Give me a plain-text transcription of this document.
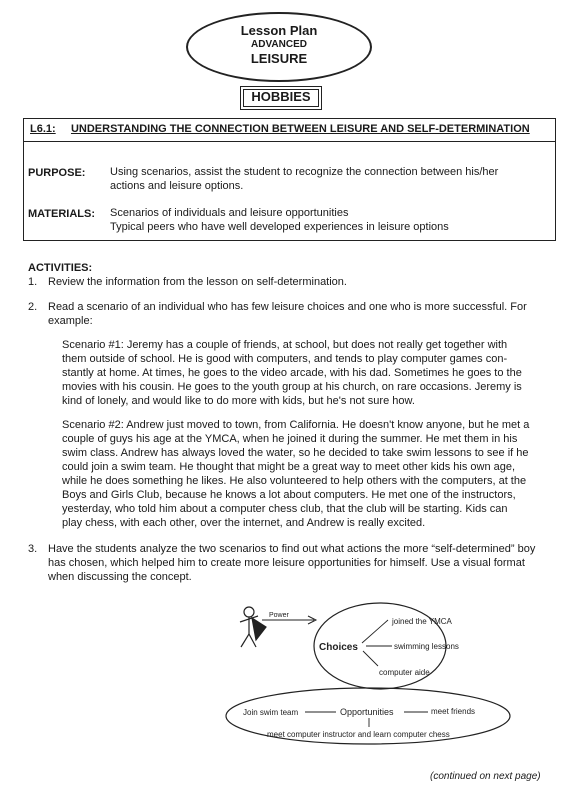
Lesson Plan
ADVANCED
LEISURE
HOBBIES
L6.1: UNDERSTANDING THE CONNECTION BETWEEN LEISURE AND SELF-DETERMINATION
PURPOSE: Using scenarios, assist the student to recognize the connection between his/her
actions and leisure options.
MATERIALS: Scenarios of individuals and leisure opportunities
Typical peers who have well developed experiences in leisure options
ACTIVITIES:
1. Review the information from the lesson on self-determination.
2. Read a scenario of an individual who has few leisure choices and one who is more successful. For
example:
Scenario #1: Jeremy has a couple of friends, at school, but does not really get together with
them outside of school. He is good with computers, and tends to play computer games con-
stantly at home. At times, he goes to the video arcade, with his dad. Sometimes he goes to the
movies with his cousin. He goes to the youth group at his church, on rare occasions. Jeremy is
kind of lonely, and would like to do more with kids, but he's not sure how.
Scenario #2: Andrew just moved to town, from California. He doesn't know anyone, but he met a
couple of guys his age at the YMCA, when he joined it during the summer. He met them in his
swim class. Andrew has always loved the water, so he decided to take swim lessons to see if he
could join a swim team. He thought that might be a great way to meet other kids his own age,
while he does something he likes. He also volunteered to help others with the computers, at the
Boys and Girls Club, because he knows a lot about computers. He met one of the instructors,
yesterday, who told him about a computer chess club, that the club will be starting. Kids can
play chess, with each other, over the internet, and Andrew is really excited.
3. Have the students analyze the two scenarios to find out what actions the more “self-determined” boy
has chosen, which helped him to create more leisure opportunities for himself. Use a visual format
when discussing the concept.
Power
Choices
joined the YMCA
swimming lessons
computer aide
Join swim team	Opportunities	meet friends
meet computer instructor and learn computer chess
(continued on next page)
